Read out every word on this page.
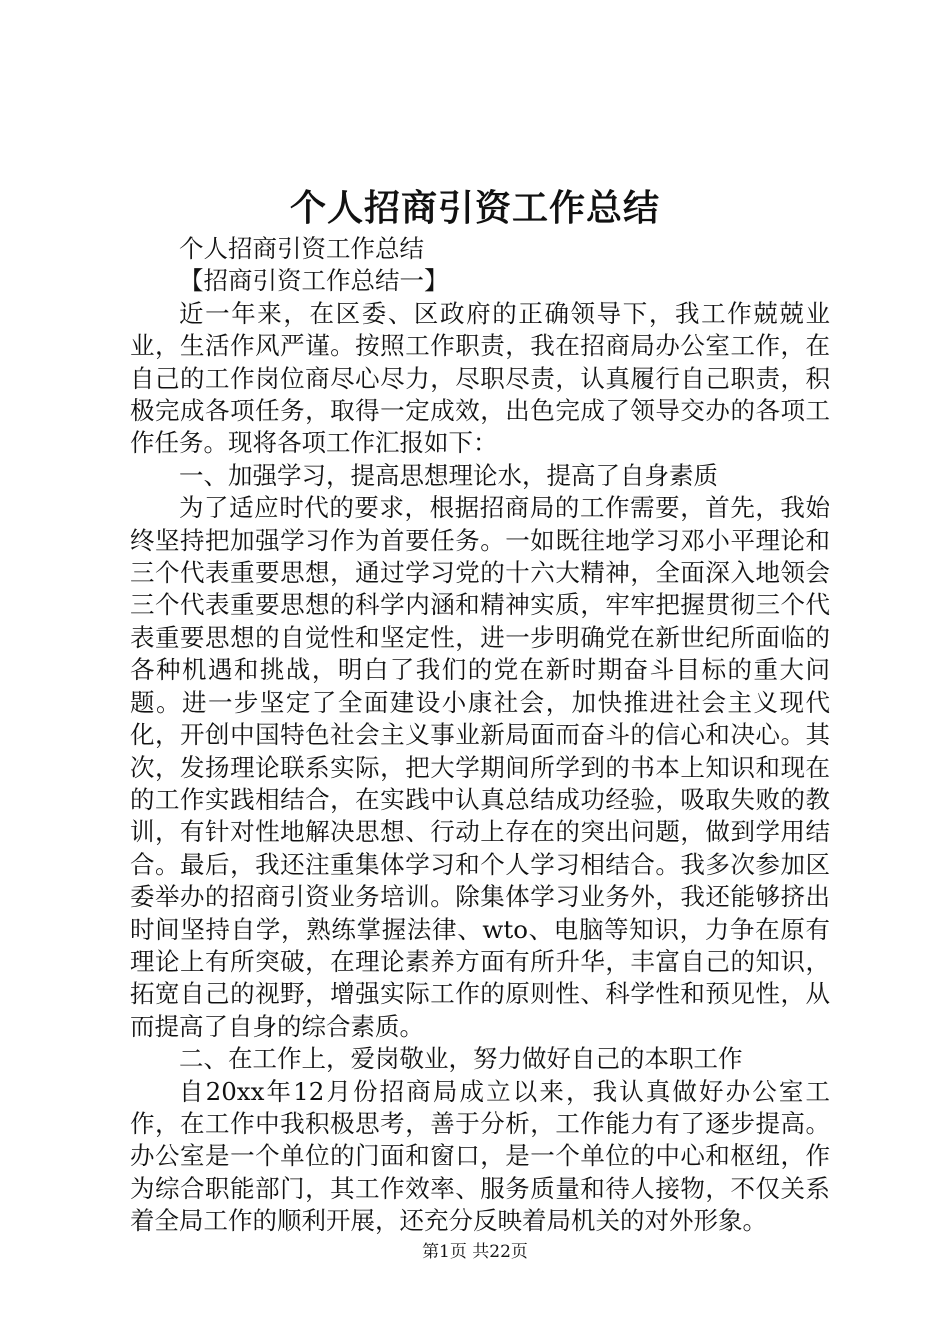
个人招商引资工作总结

个人招商引资工作总结

【招商引资工作总结一】

近一年来，在区委、区政府的正确领导下，我工作兢兢业业，生活作风严谨。按照工作职责，我在招商局办公室工作，在自己的工作岗位商尽心尽力，尽职尽责，认真履行自己职责，积极完成各项任务，取得一定成效，出色完成了领导交办的各项工作任务。现将各项工作汇报如下：

一、加强学习，提高思想理论水，提高了自身素质

为了适应时代的要求，根据招商局的工作需要，首先，我始终坚持把加强学习作为首要任务。一如既往地学习邓小平理论和三个代表重要思想，通过学习党的十六大精神，全面深入地领会三个代表重要思想的科学内涵和精神实质，牢牢把握贯彻三个代表重要思想的自觉性和坚定性，进一步明确党在新世纪所面临的各种机遇和挑战，明白了我们的党在新时期奋斗目标的重大问题。进一步坚定了全面建设小康社会，加快推进社会主义现代化，开创中国特色社会主义事业新局面而奋斗的信心和决心。其次，发扬理论联系实际，把大学期间所学到的书本上知识和现在的工作实践相结合，在实践中认真总结成功经验，吸取失败的教训，有针对性地解决思想、行动上存在的突出问题，做到学用结合。最后，我还注重集体学习和个人学习相结合。我多次参加区委举办的招商引资业务培训。除集体学习业务外，我还能够挤出时间坚持自学，熟练掌握法律、wto、电脑等知识，力争在原有理论上有所突破，在理论素养方面有所升华，丰富自己的知识，拓宽自己的视野，增强实际工作的原则性、科学性和预见性，从而提高了自身的综合素质。

二、在工作上，爱岗敬业，努力做好自己的本职工作

自20xx年12月份招商局成立以来，我认真做好办公室工作，在工作中我积极思考，善于分析，工作能力有了逐步提高。办公室是一个单位的门面和窗口，是一个单位的中心和枢纽，作为综合职能部门，其工作效率、服务质量和待人接物，不仅关系着全局工作的顺利开展，还充分反映着局机关的对外形象。

第1页 共22页
